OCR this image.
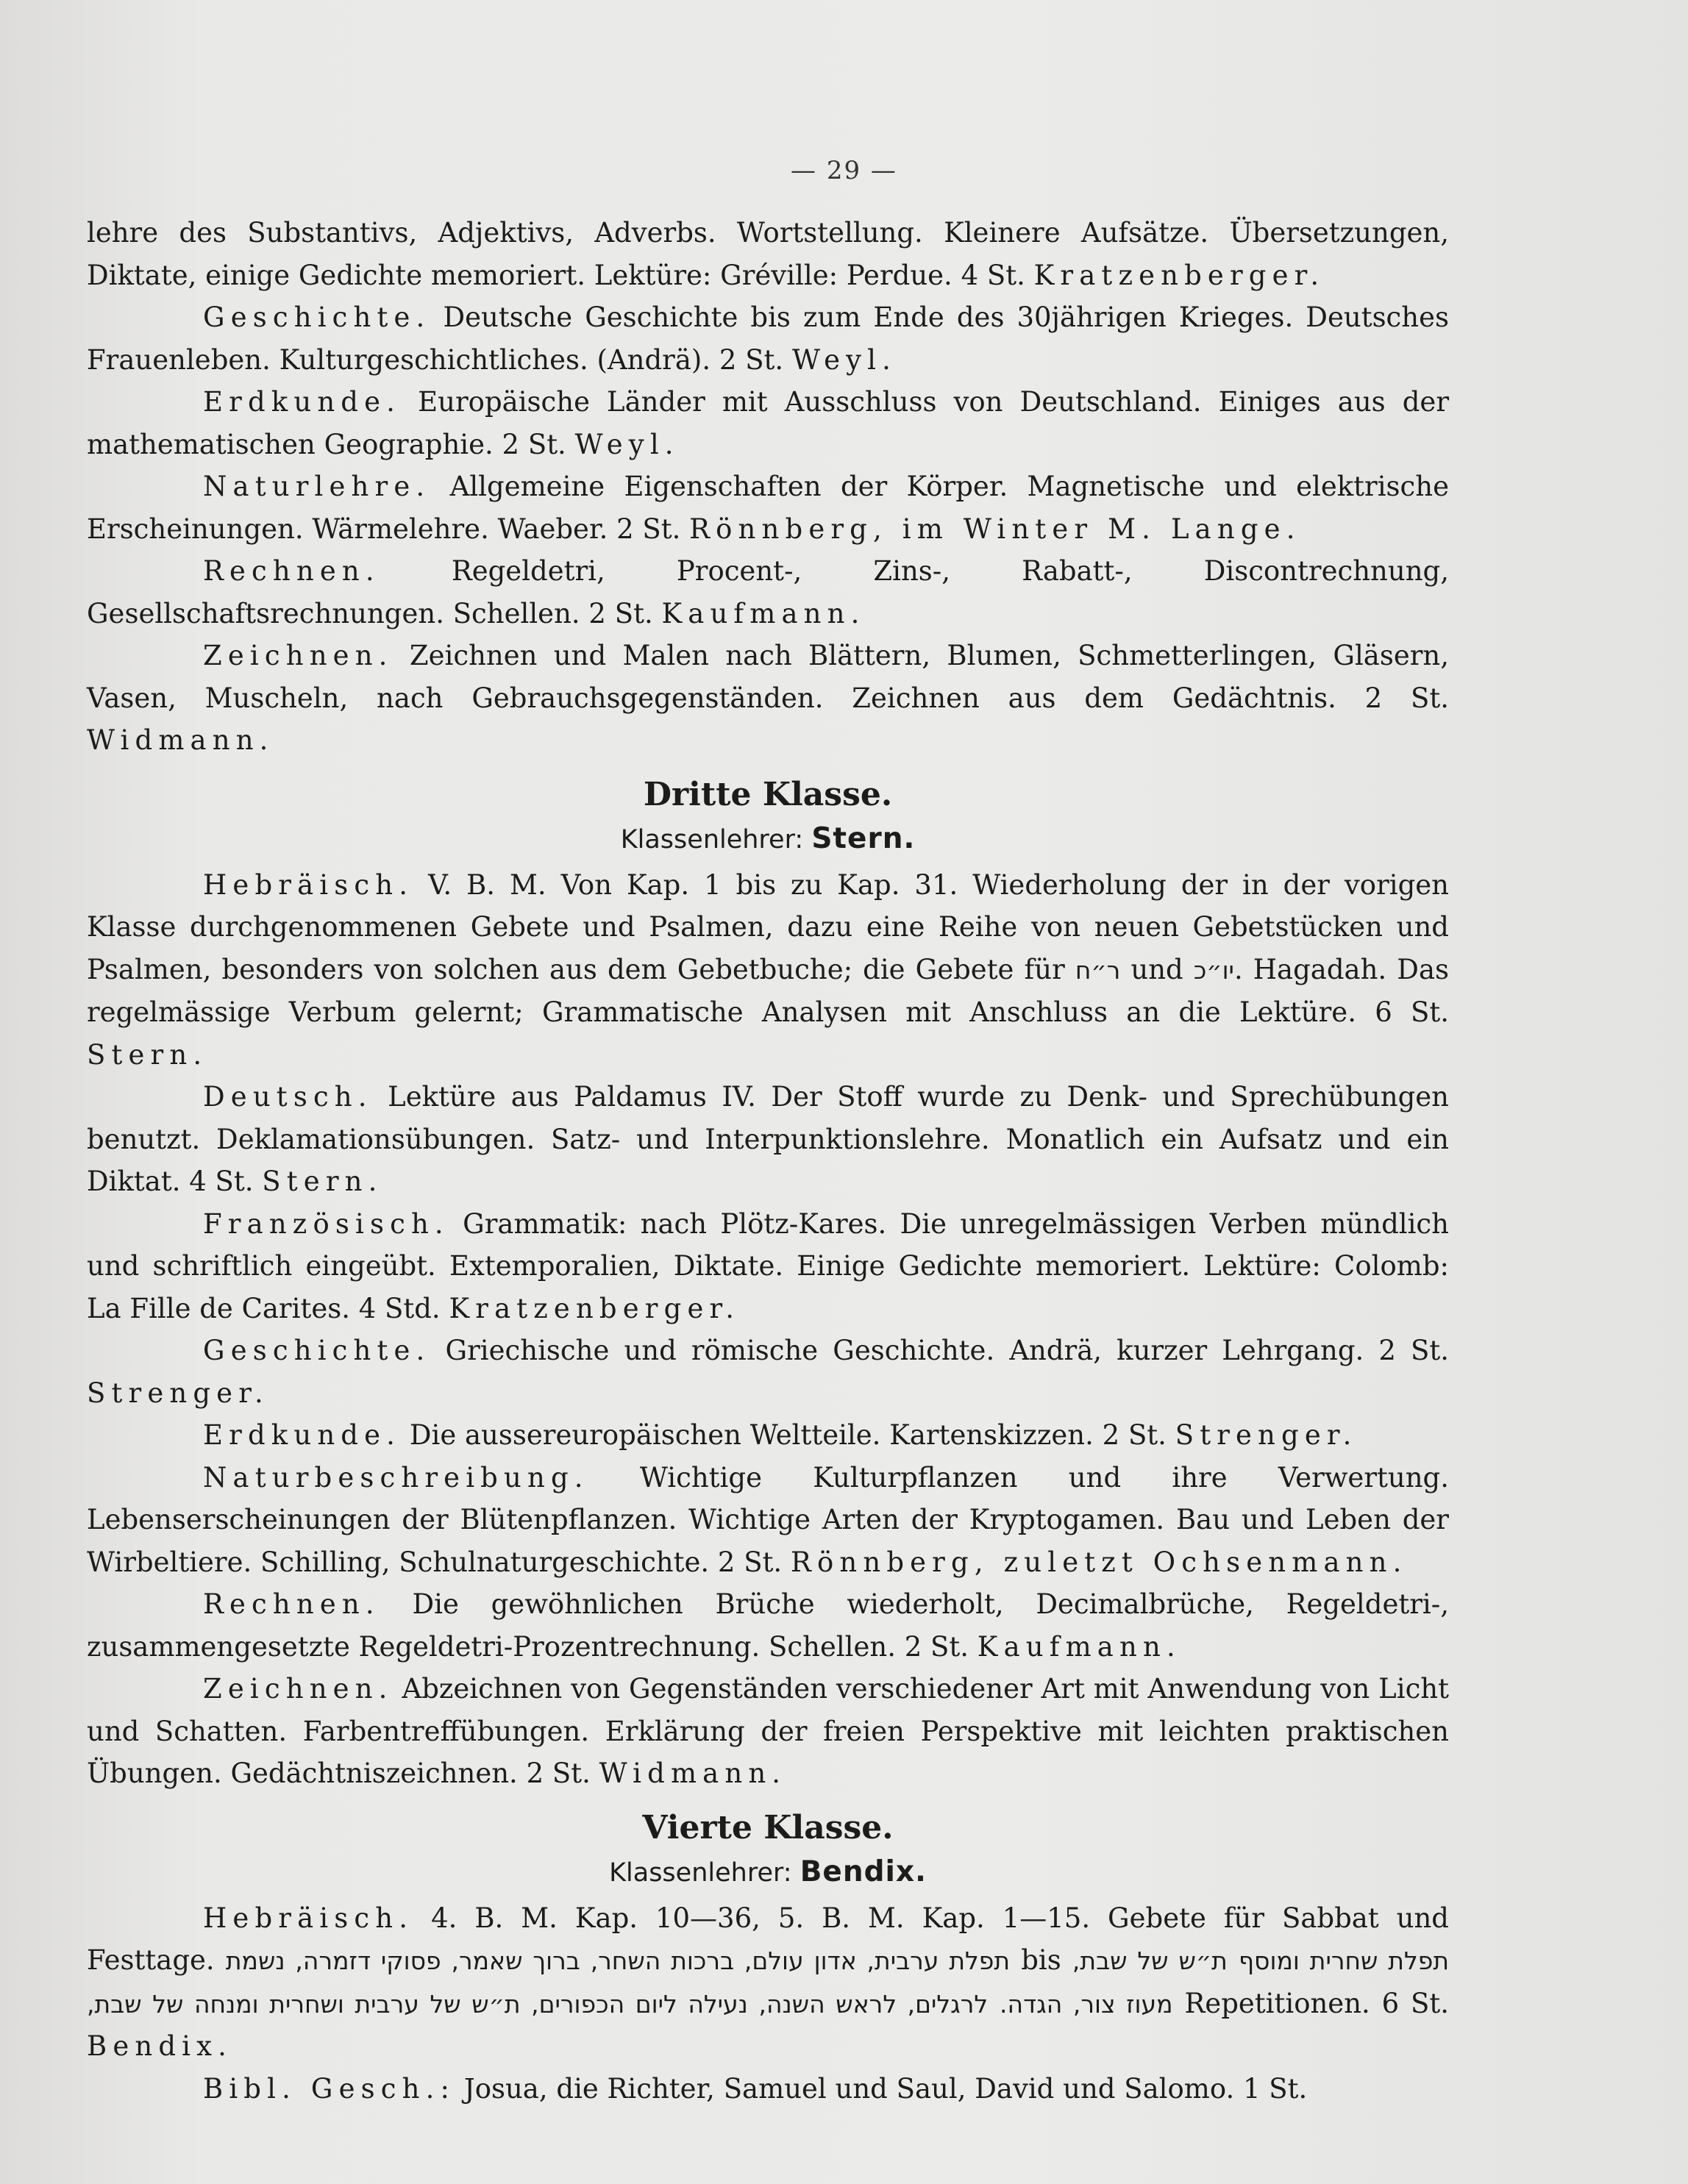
— 29 —

lehre des Substantivs, Adjektivs, Adverbs. Wortstellung. Kleinere Aufsätze. Übersetzungen, Diktate, einige Gedichte memoriert. Lektüre: Gréville: Perdue. 4 St. Kratzenberger.

Geschichte. Deutsche Geschichte bis zum Ende des 30jährigen Krieges. Deutsches Frauenleben. Kulturgeschichtliches. (Andrä). 2 St. Weyl.

Erdkunde. Europäische Länder mit Ausschluss von Deutschland. Einiges aus der mathematischen Geographie. 2 St. Weyl.

Naturlehre. Allgemeine Eigenschaften der Körper. Magnetische und elektrische Erscheinungen. Wärmelehre. Waeber. 2 St. Rönnberg, im Winter M. Lange.

Rechnen. Regeldetri, Procent-, Zins-, Rabatt-, Discontrechnung, Gesellschaftsrechnungen. Schellen. 2 St. Kaufmann.

Zeichnen. Zeichnen und Malen nach Blättern, Blumen, Schmetterlingen, Gläsern, Vasen, Muscheln, nach Gebrauchsgegenständen. Zeichnen aus dem Gedächtnis. 2 St. Widmann.

Dritte Klasse.
Klassenlehrer: Stern.

Hebräisch. V. B. M. Von Kap. 1 bis zu Kap. 31. Wiederholung der in der vorigen Klasse durchgenommenen Gebete und Psalmen, dazu eine Reihe von neuen Gebetstücken und Psalmen, besonders von solchen aus dem Gebetbuche; die Gebete für ר״ח und יו״כ. Hagadah. Das regelmässige Verbum gelernt; Grammatische Analysen mit Anschluss an die Lektüre. 6 St. Stern.

Deutsch. Lektüre aus Paldamus IV. Der Stoff wurde zu Denk- und Sprechübungen benutzt. Deklamationsübungen. Satz- und Interpunktionslehre. Monatlich ein Aufsatz und ein Diktat. 4 St. Stern.

Französisch. Grammatik: nach Plötz-Kares. Die unregelmässigen Verben mündlich und schriftlich eingeübt. Extemporalien, Diktate. Einige Gedichte memoriert. Lektüre: Colomb: La Fille de Carites. 4 Std. Kratzenberger.

Geschichte. Griechische und römische Geschichte. Andrä, kurzer Lehrgang. 2 St. Strenger.

Erdkunde. Die aussereuropäischen Weltteile. Kartenskizzen. 2 St. Strenger.

Naturbeschreibung. Wichtige Kulturpflanzen und ihre Verwertung. Lebenserscheinungen der Blütenpflanzen. Wichtige Arten der Kryptogamen. Bau und Leben der Wirbeltiere. Schilling, Schulnaturgeschichte. 2 St. Rönnberg, zuletzt Ochsenmann.

Rechnen. Die gewöhnlichen Brüche wiederholt, Decimalbrüche, Regeldetri-, zusammengesetzte Regeldetri-Prozentrechnung. Schellen. 2 St. Kaufmann.

Zeichnen. Abzeichnen von Gegenständen verschiedener Art mit Anwendung von Licht und Schatten. Farbentreffübungen. Erklärung der freien Perspektive mit leichten praktischen Übungen. Gedächtniszeichnen. 2 St. Widmann.

Vierte Klasse.
Klassenlehrer: Bendix.

Hebräisch. 4. B. M. Kap. 10—36, 5. B. M. Kap. 1—15. Gebete für Sabbat und Festtage. תפלת ערבית, אדון עולם, ברכות השחר, ברוך שאמר, פסוקי דזמרה, נשמת bis ת״ש של שבת, תפלת שחרית ומוסף לרגלים, לראש השנה, נעילה ליום הכפורים, ת״ש של ערבית ושחרית ומנחה של שבת, מעוז צור, הגדה. Repetitionen. 6 St. Bendix.

Bibl. Gesch.: Josua, die Richter, Samuel und Saul, David und Salomo. 1 St.
